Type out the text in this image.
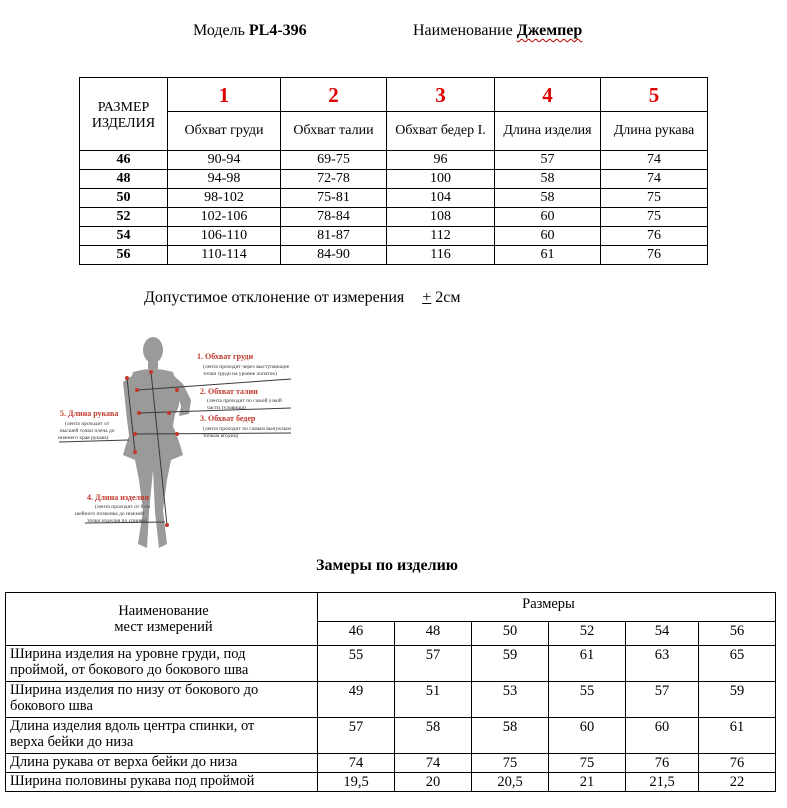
Модель PL4-396	Наименование Джемпер
РАЗМЕР ИЗДЕЛИЯ	1	2	3	4	5
	Обхват груди	Обхват талии	Обхват бедер I.	Длина изделия	Длина рукава
46	90-94	69-75	96	57	74
48	94-98	72-78	100	58	74
50	98-102	75-81	104	58	75
52	102-106	78-84	108	60	75
54	106-110	81-87	112	60	76
56	110-114	84-90	116	61	76
Допустимое отклонение от измерения + 2см
1. Обхват груди
(лента проходит через выступающие
точки груди на уровне лопаток)
2. Обхват талии
(лента проходит по самой узкой
части туловища)
3. Обхват бедер
(лента проходит по самым выпуклым
точкам ягодиц)
5. Длина рукава
(лента проходит от
высшей точки плеча до
нижнего края рукава)
4. Длина изделия
(лента проходит от 6-го
шейного позвонка до нижней
точки изделия по спинке)
Замеры по изделию
Наименование
мест измерений	Размеры					
	46	48	50	52	54	56

Ширина изделия на уровне груди, под
проймой, от бокового до бокового шва	55	57	59	61	63	65

Ширина изделия по низу от бокового до
бокового шва	49	51	53	55	57	59

Длина изделия вдоль центра спинки, от
верха бейки до низа	57	58	58	60	60	61

Длина рукава от верха бейки до низа	74	74	75	75	76	76

Ширина половины рукава под проймой	19,5	20	20,5	21	21,5	22
